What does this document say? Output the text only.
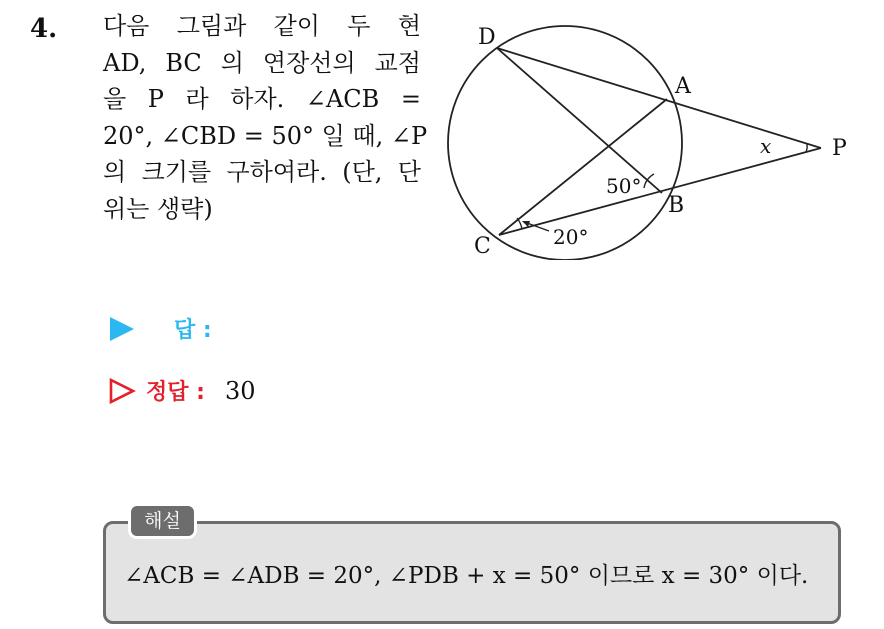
4. 다음 그림과 같이 두 현
AD, BC 의 연장선의 교점
을 P 라 하자. ∠ACB =
20°, ∠CBD = 50° 일 때, ∠P
의 크기를 구하여라. (단, 단
위는 생략)

D
A
P
B
C
x
50°
20°
답 :
정답 : 30
해설
∠ACB = ∠ADB = 20°, ∠PDB + x = 50° 이므로 x = 30° 이다.
